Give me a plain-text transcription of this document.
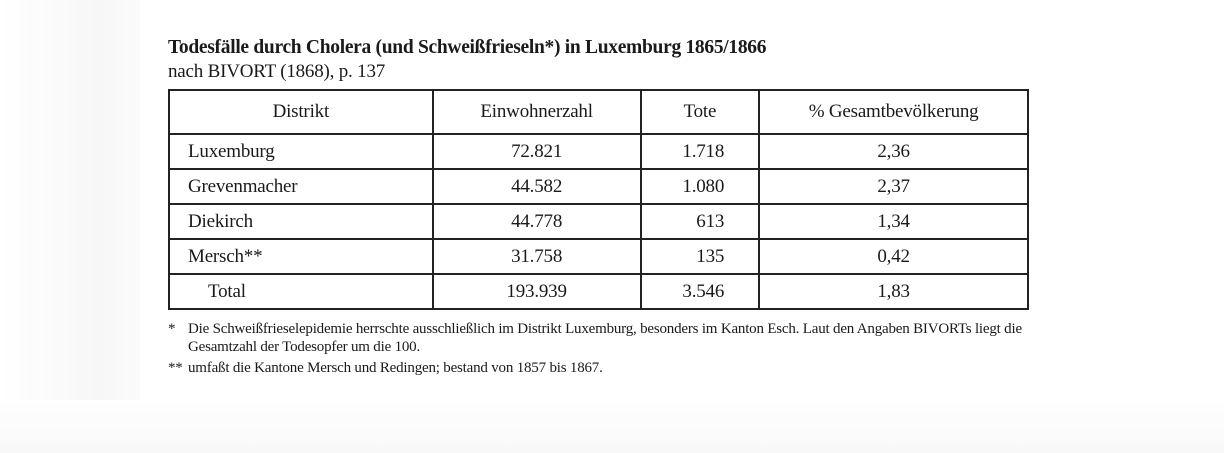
Todesfälle durch Cholera (und Schweißfrieseln*) in Luxemburg 1865/1866

nach BIVORT (1868), p. 137

Distrikt	Einwohnerzahl	Tote	% Gesamtbevölkerung
Luxemburg	72.821	1.718	2,36
Grevenmacher	44.582	1.080	2,37
Diekirch	44.778	613	1,34
Mersch**	31.758	135	0,42
Total	193.939	3.546	1,83
* Die Schweißfrieselepidemie herrschte ausschließlich im Distrikt Luxemburg, besonders im Kanton Esch. Laut den Angaben BIVORTs liegt die Gesamtzahl der Todesopfer um die 100.
** umfaßt die Kantone Mersch und Redingen; bestand von 1857 bis 1867.
